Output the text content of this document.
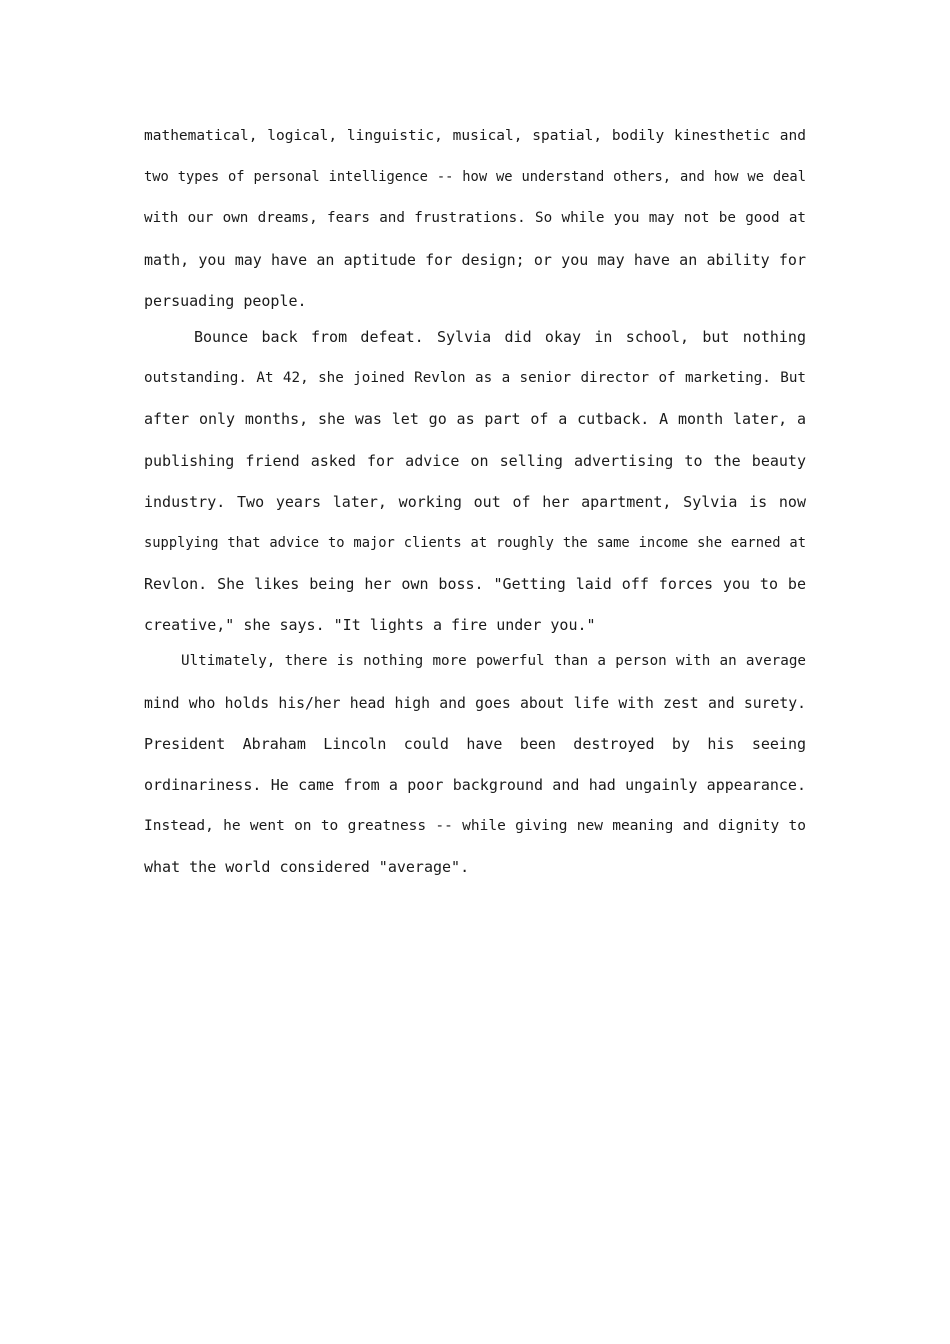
mathematical, logical, linguistic, musical, spatial, bodily kinesthetic and
two types of personal intelligence -- how we understand others, and how we deal
with our own dreams, fears and frustrations. So while you may not be good at
math, you may have an aptitude for design; or you may have an ability for
persuading people.

Bounce back from defeat. Sylvia did okay in school, but nothing
outstanding. At 42, she joined Revlon as a senior director of marketing. But
after only months, she was let go as part of a cutback. A month later, a
publishing friend asked for advice on selling advertising to the beauty
industry. Two years later, working out of her apartment, Sylvia is now
supplying that advice to major clients at roughly the same income she earned at
Revlon. She likes being her own boss. "Getting laid off forces you to be
creative," she says. "It lights a fire under you."

Ultimately, there is nothing more powerful than a person with an average
mind who holds his/her head high and goes about life with zest and surety.
President Abraham Lincoln could have been destroyed by his seeing
ordinariness. He came from a poor background and had ungainly appearance.
Instead, he went on to greatness -- while giving new meaning and dignity to
what the world considered "average".
